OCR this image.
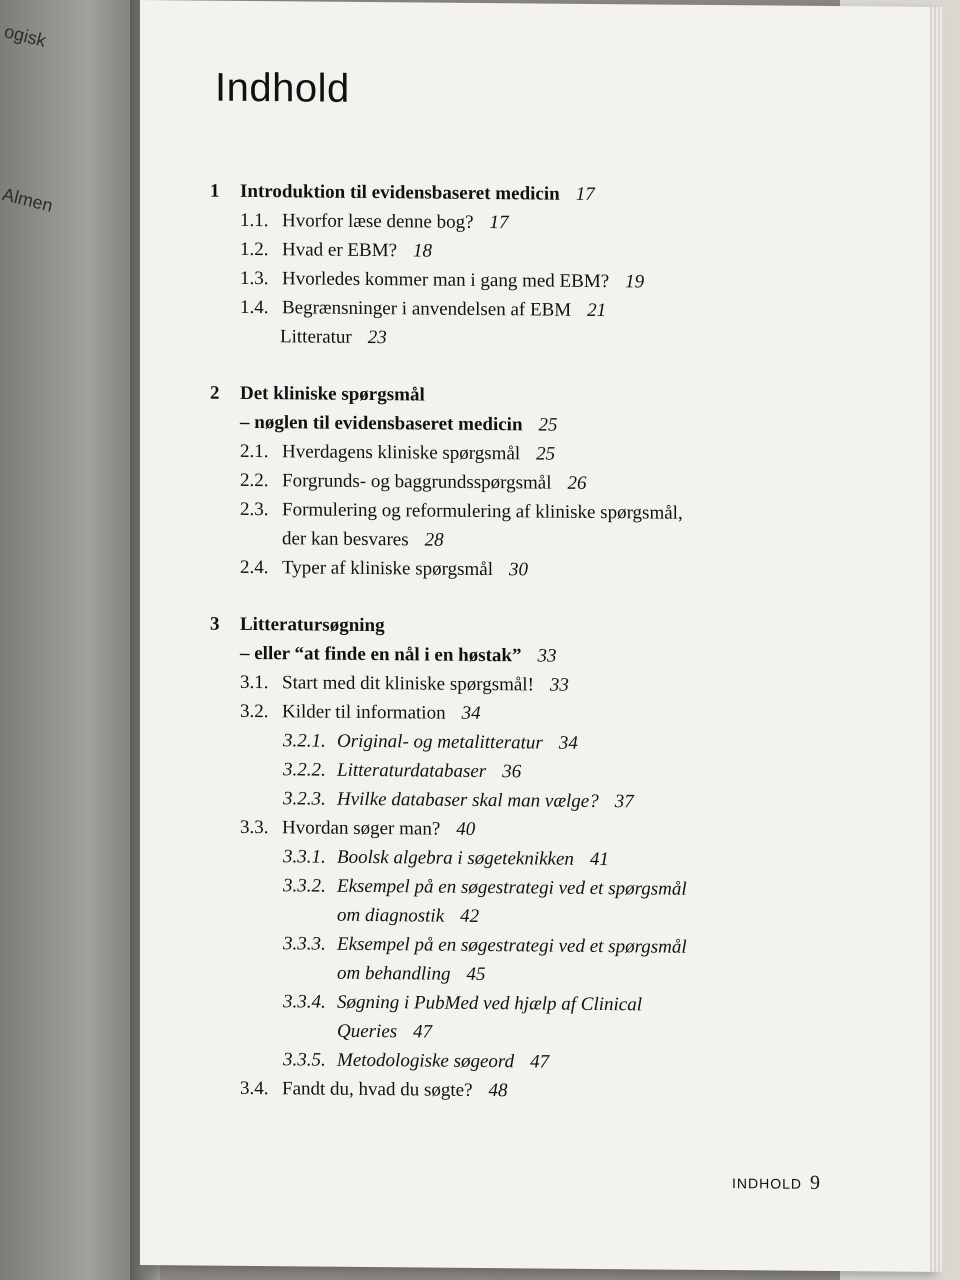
ogisk
Almen
Indhold
1	Introduktion til evidensbaseret medicin 17
1.1. Hvorfor læse denne bog? 17
1.2. Hvad er EBM? 18
1.3. Hvorledes kommer man i gang med EBM? 19
1.4. Begrænsninger i anvendelsen af EBM 21
Litteratur 23
2	Det kliniske spørgsmål
– nøglen til evidensbaseret medicin 25
2.1. Hverdagens kliniske spørgsmål 25
2.2. Forgrunds- og baggrundsspørgsmål 26
2.3. Formulering og reformulering af kliniske spørgsmål,
der kan besvares 28
2.4. Typer af kliniske spørgsmål 30
3	Litteratursøgning
– eller “at finde en nål i en høstak” 33
3.1. Start med dit kliniske spørgsmål! 33
3.2. Kilder til information 34
3.2.1. Original- og metalitteratur 34
3.2.2. Litteraturdatabaser 36
3.2.3. Hvilke databaser skal man vælge? 37
3.3. Hvordan søger man? 40
3.3.1. Boolsk algebra i søgeteknikken 41
3.3.2. Eksempel på en søgestrategi ved et spørgsmål
om diagnostik 42
3.3.3. Eksempel på en søgestrategi ved et spørgsmål
om behandling 45
3.3.4. Søgning i PubMed ved hjælp af Clinical
Queries 47
3.3.5. Metodologiske søgeord 47
3.4. Fandt du, hvad du søgte? 48
INDHOLD 9
